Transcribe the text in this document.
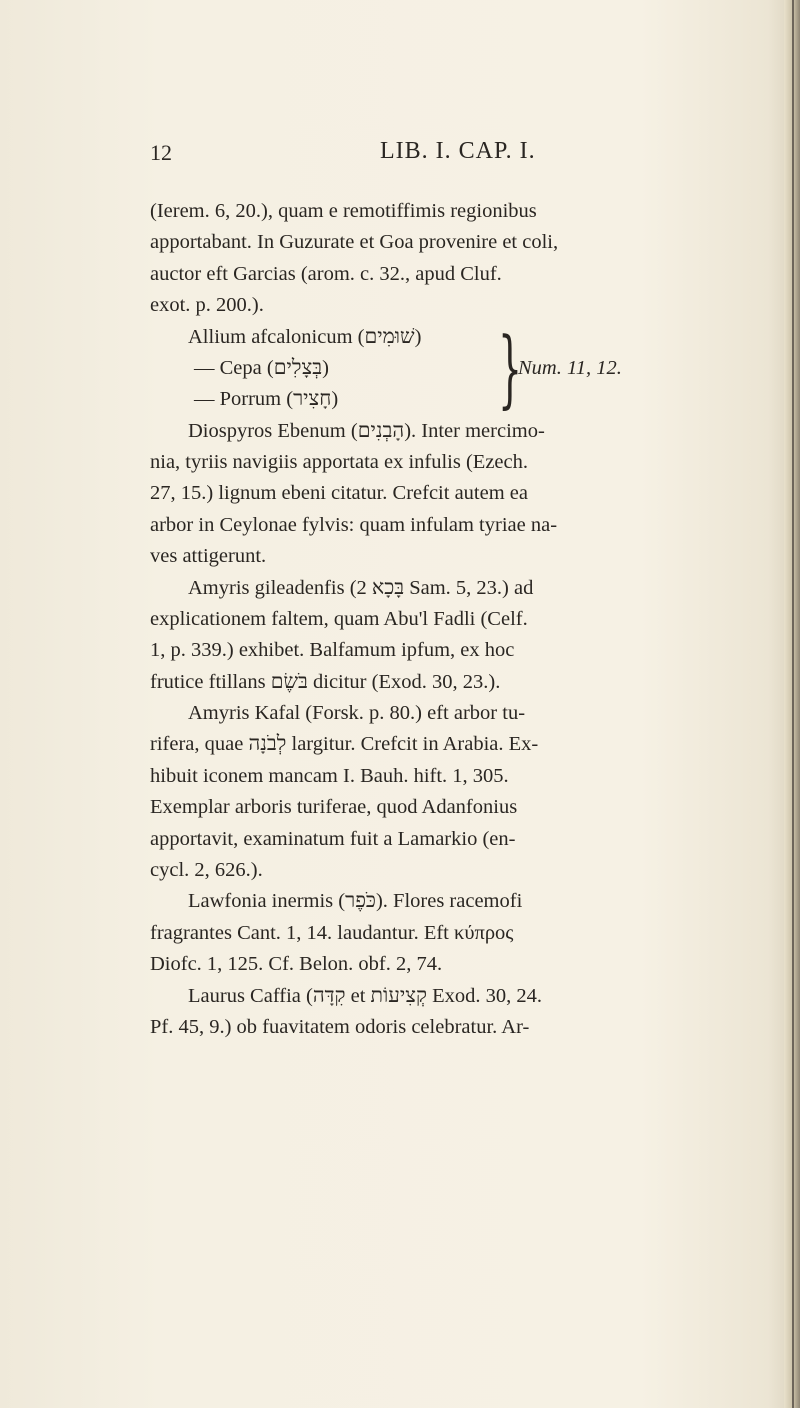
12	LIB. I. CAP. I.
(Ierem. 6, 20.), quam e remotiffimis regionibus
apportabant. In Guzurate et Goa provenire et coli,
auctor eft Garcias (arom. c. 32., apud Cluf.
exot. p. 200.).
Allium afcalonicum (שׁוּמִים)
— Cepa (בְּצָלִים)
— Porrum (חָצִיר) }
Num. 11, 12.
Diospyros Ebenum (הָבְנִים). Inter mercimo-
nia, tyriis navigiis apportata ex infulis (Ezech.
27, 15.) lignum ebeni citatur. Crefcit autem ea
arbor in Ceylonae fylvis: quam infulam tyriae na-
ves attigerunt.
Amyris gileadenfis (בָּכָא 2 Sam. 5, 23.) ad
explicationem faltem, quam Abu'l Fadli (Celf.
1, p. 339.) exhibet. Balfamum ipfum, ex hoc
frutice ftillans בֹּשֶׂם dicitur (Exod. 30, 23.).
Amyris Kafal (Forsk. p. 80.) eft arbor tu-
rifera, quae לְבֹנָה largitur. Crefcit in Arabia. Ex-
hibuit iconem mancam I. Bauh. hift. 1, 305.
Exemplar arboris turiferae, quod Adanfonius
apportavit, examinatum fuit a Lamarkio (en-
cycl. 2, 626.).
Lawfonia inermis (כֹּפֶר). Flores racemofi
fragrantes Cant. 1, 14. laudantur. Eft κύπρος
Diofc. 1, 125. Cf. Belon. obf. 2, 74.
Laurus Caffia (קִדָּה et קְצִיעוֹת Exod. 30, 24.
Pf. 45, 9.) ob fuavitatem odoris celebratur. Ar-
